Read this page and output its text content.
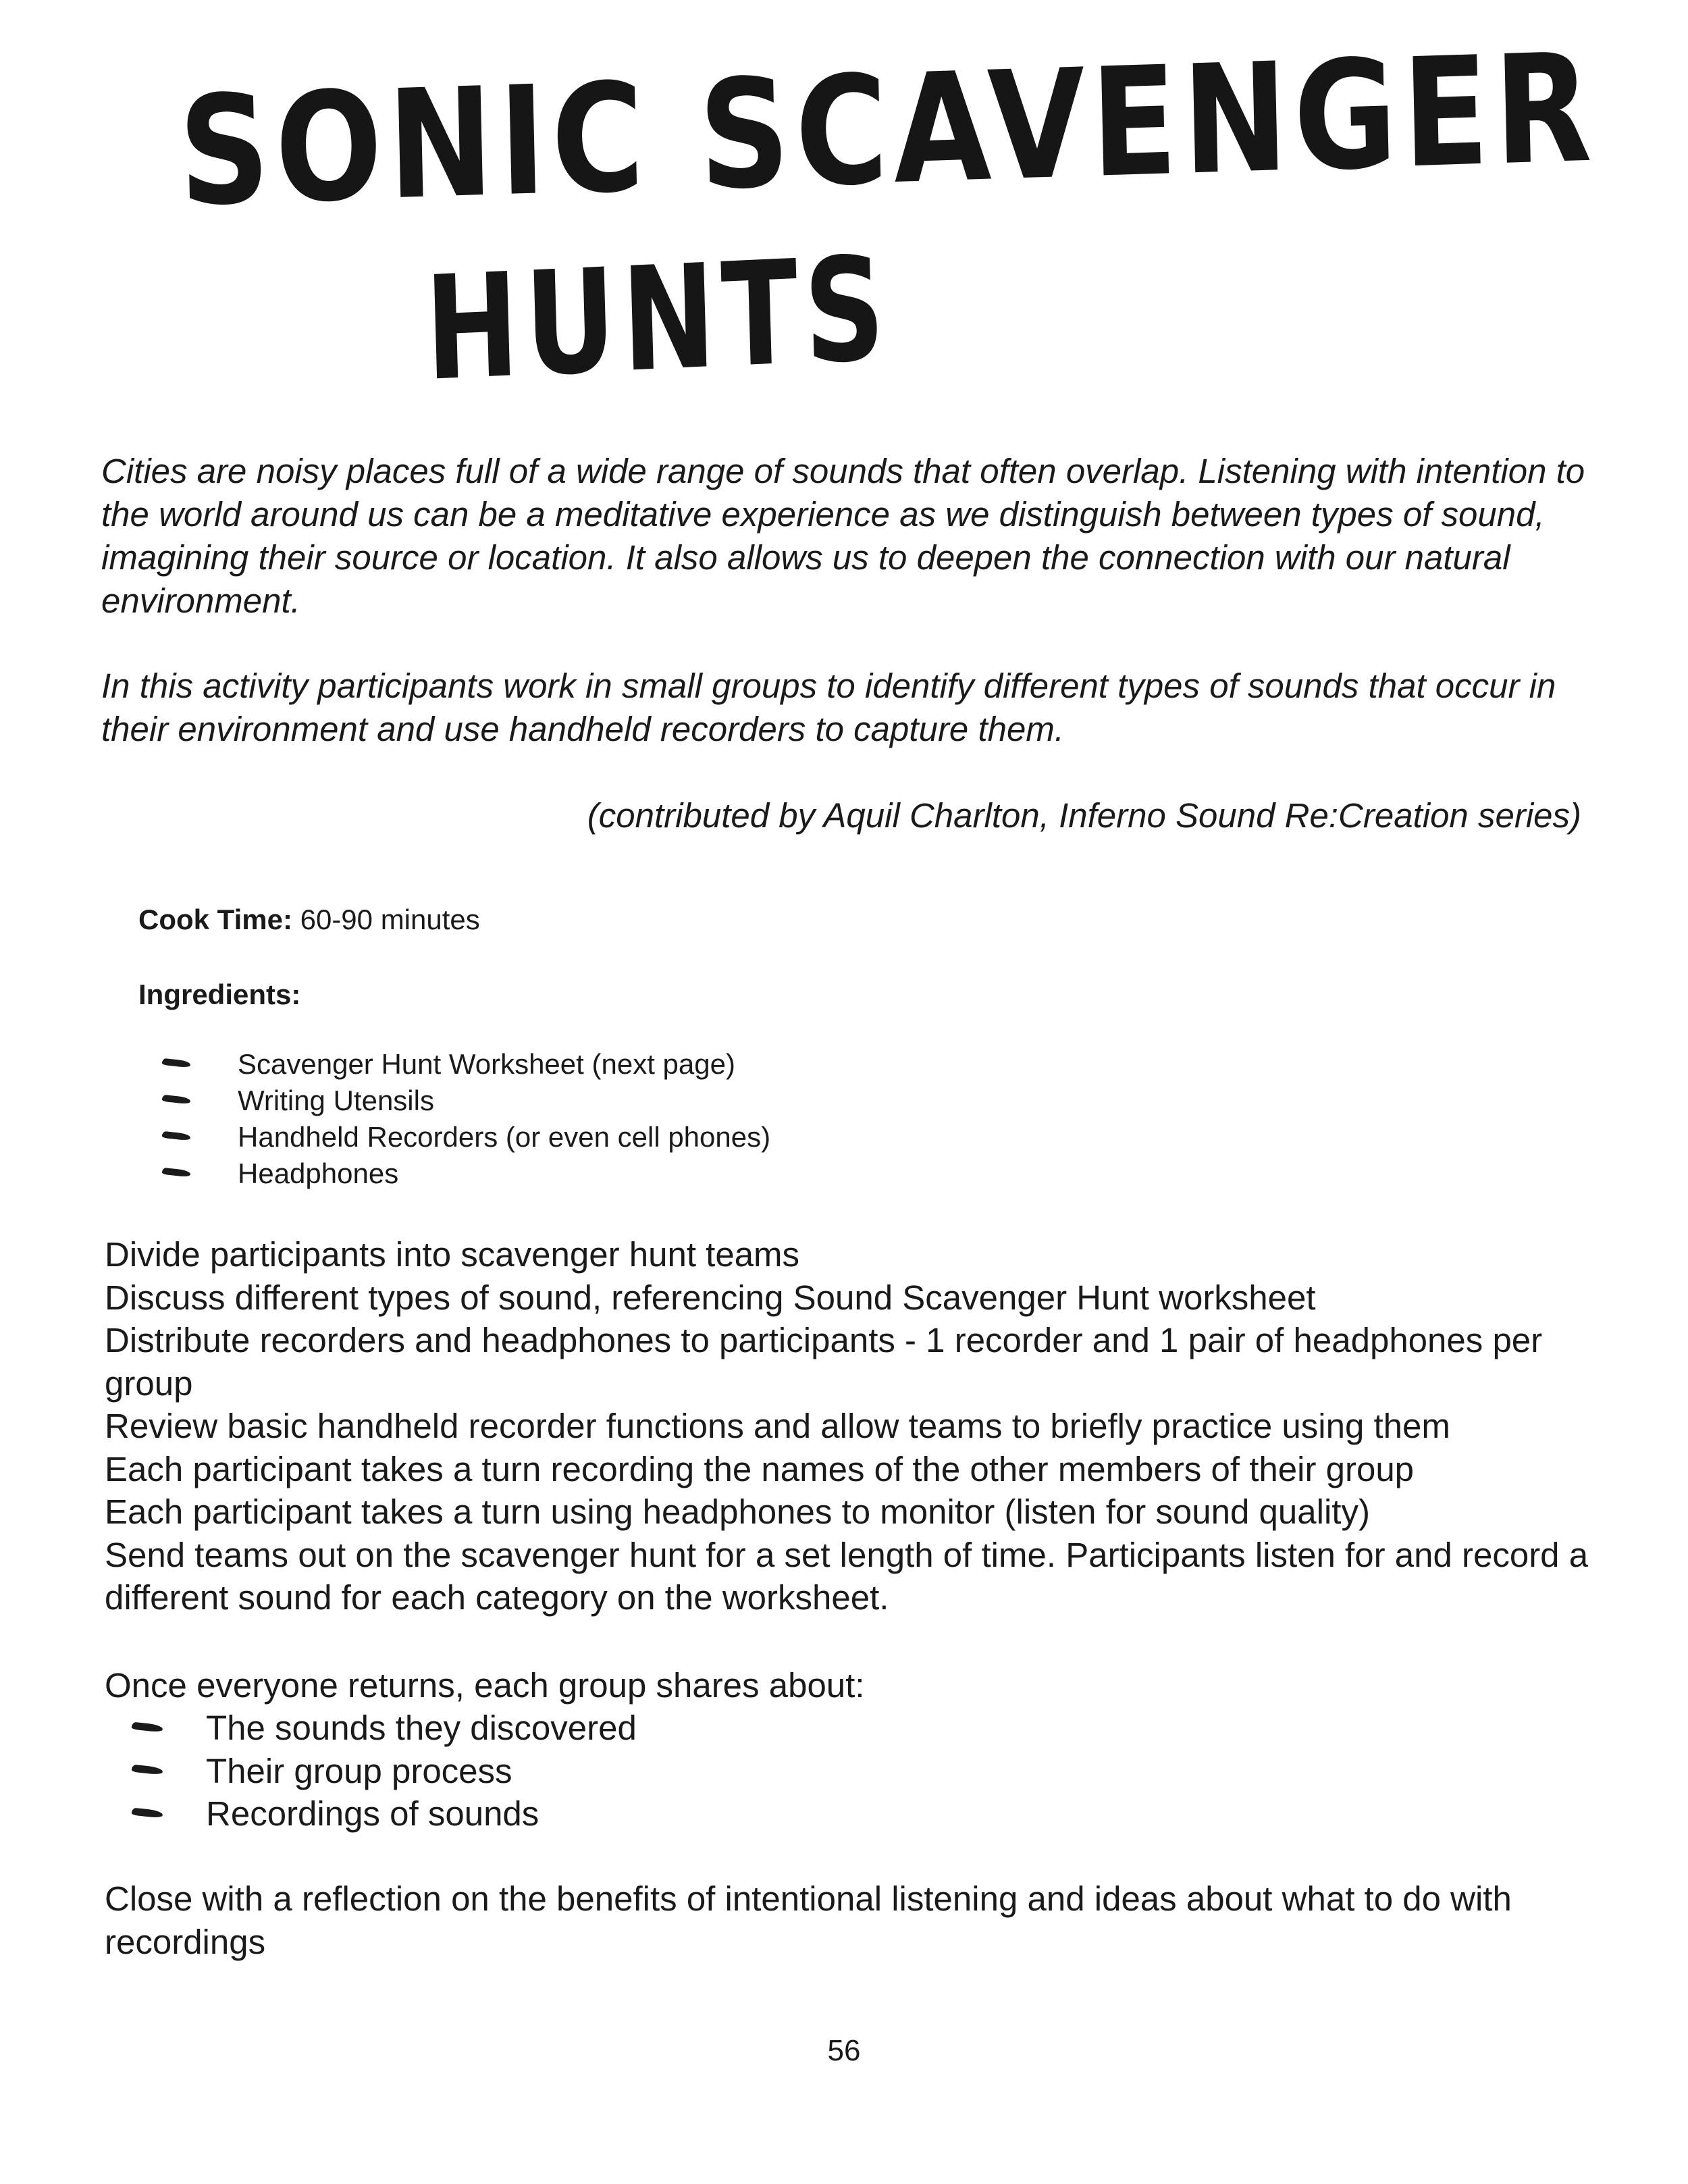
SONIC SCAVENGER
HUNTS

Cities are noisy places full of a wide range of sounds that often overlap. Listening with intention to the world around us can be a meditative experience as we distinguish between types of sound, imagining their source or location. It also allows us to deepen the connection with our natural environment.

In this activity participants work in small groups to identify different types of sounds that occur in their environment and use handheld recorders to capture them.

(contributed by Aquil Charlton, Inferno Sound Re:Creation series)

Cook Time: 60-90 minutes

Ingredients:

Scavenger Hunt Worksheet (next page)
Writing Utensils
Handheld Recorders (or even cell phones)
Headphones

Divide participants into scavenger hunt teams

Discuss different types of sound, referencing Sound Scavenger Hunt worksheet

Distribute recorders and headphones to participants - 1 recorder and 1 pair of headphones per group

Review basic handheld recorder functions and allow teams to briefly practice using them

Each participant takes a turn recording the names of the other members of their group

Each participant takes a turn using headphones to monitor (listen for sound quality)

Send teams out on the scavenger hunt for a set length of time. Participants listen for and record a different sound for each category on the worksheet.

Once everyone returns, each group shares about:

The sounds they discovered
Their group process
Recordings of sounds

Close with a reflection on the benefits of intentional listening and ideas about what to do with recordings

56
